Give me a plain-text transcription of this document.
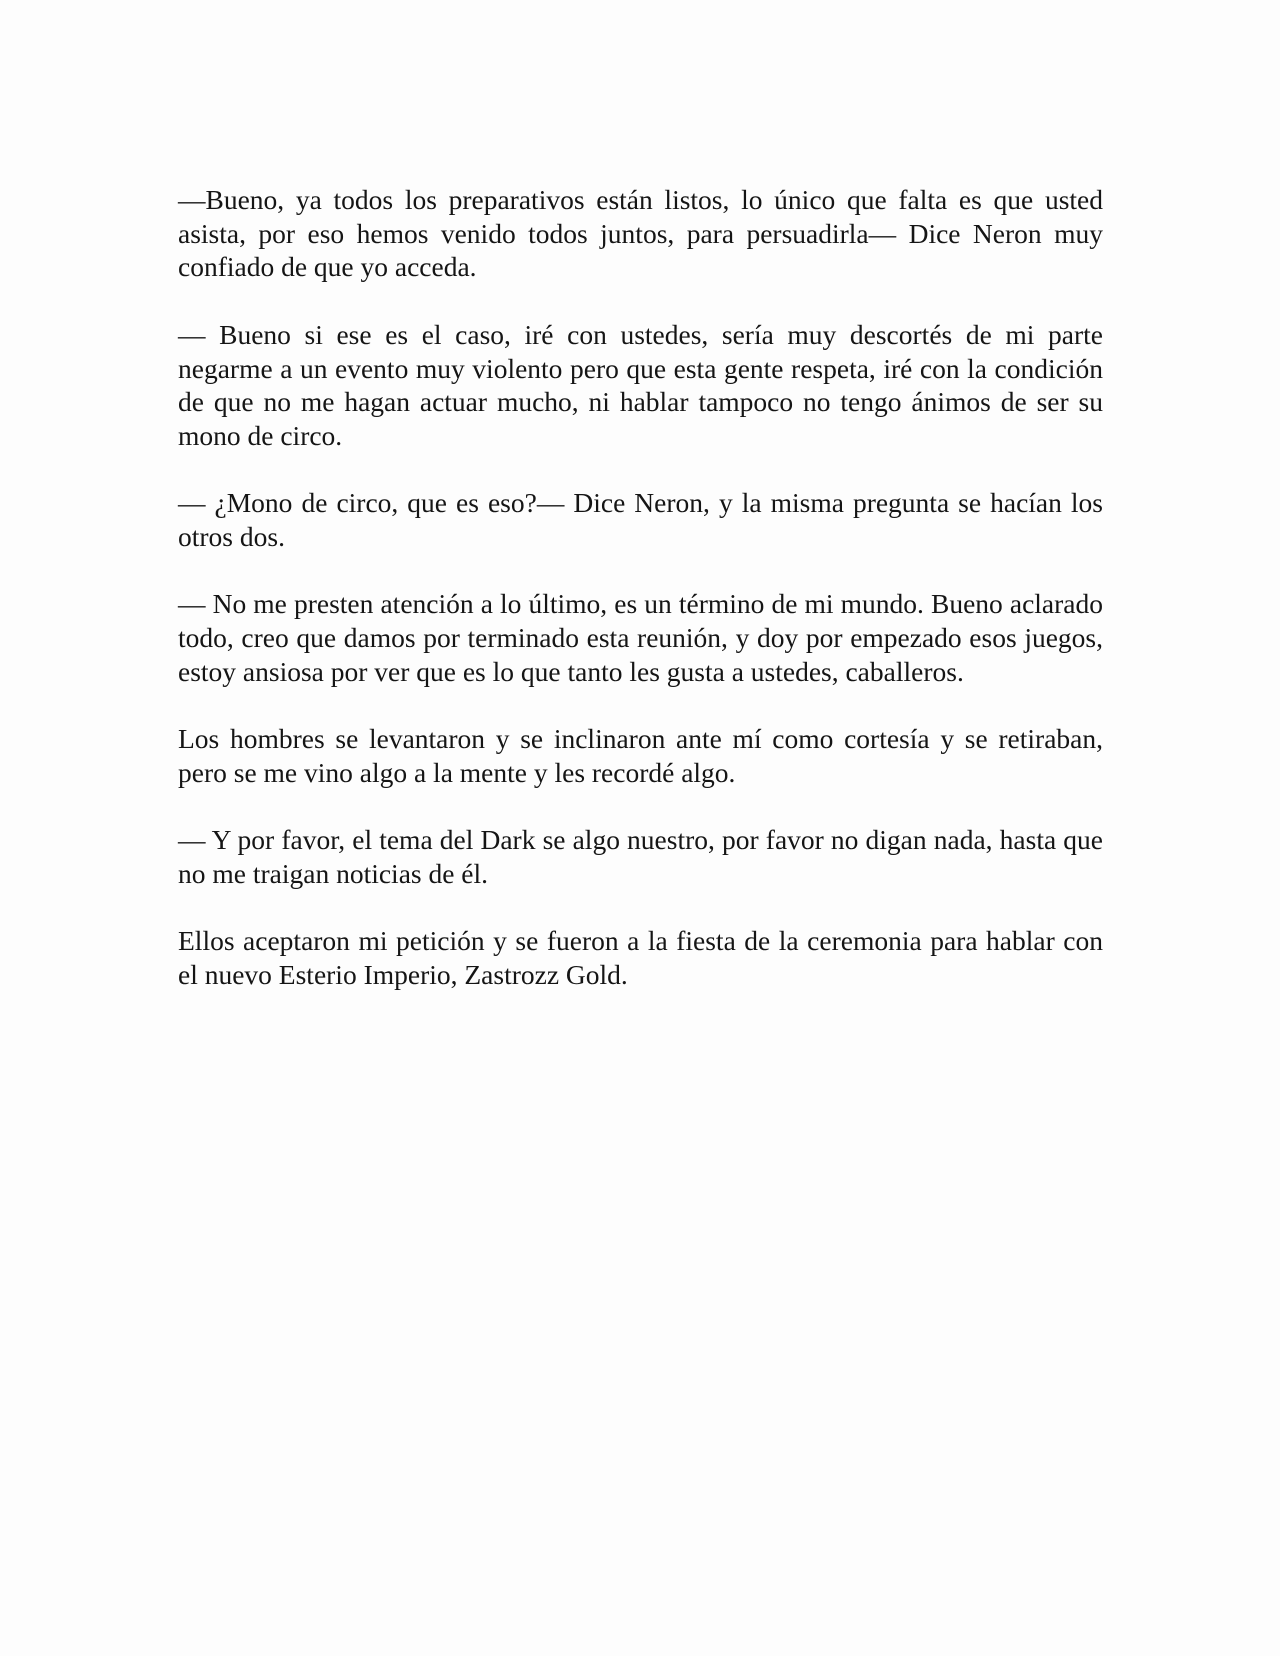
—Bueno, ya todos los preparativos están listos, lo único que falta es que usted asista, por eso hemos venido todos juntos, para persuadirla— Dice Neron muy confiado de que yo acceda.

— Bueno si ese es el caso, iré con ustedes, sería muy descortés de mi parte negarme a un evento muy violento pero que esta gente respeta, iré con la condición de que no me hagan actuar mucho, ni hablar tampoco no tengo ánimos de ser su mono de circo.

— ¿Mono de circo, que es eso?— Dice Neron, y la misma pregunta se hacían los otros dos.

— No me presten atención a lo último, es un término de mi mundo. Bueno aclarado todo, creo que damos por terminado esta reunión, y doy por empezado esos juegos, estoy ansiosa por ver que es lo que tanto les gusta a ustedes, caballeros.

Los hombres se levantaron y se inclinaron ante mí como cortesía y se retiraban, pero se me vino algo a la mente y les recordé algo.

— Y por favor, el tema del Dark se algo nuestro, por favor no digan nada, hasta que no me traigan noticias de él.

Ellos aceptaron mi petición y se fueron a la fiesta de la ceremonia para hablar con el nuevo Esterio Imperio, Zastrozz Gold.
